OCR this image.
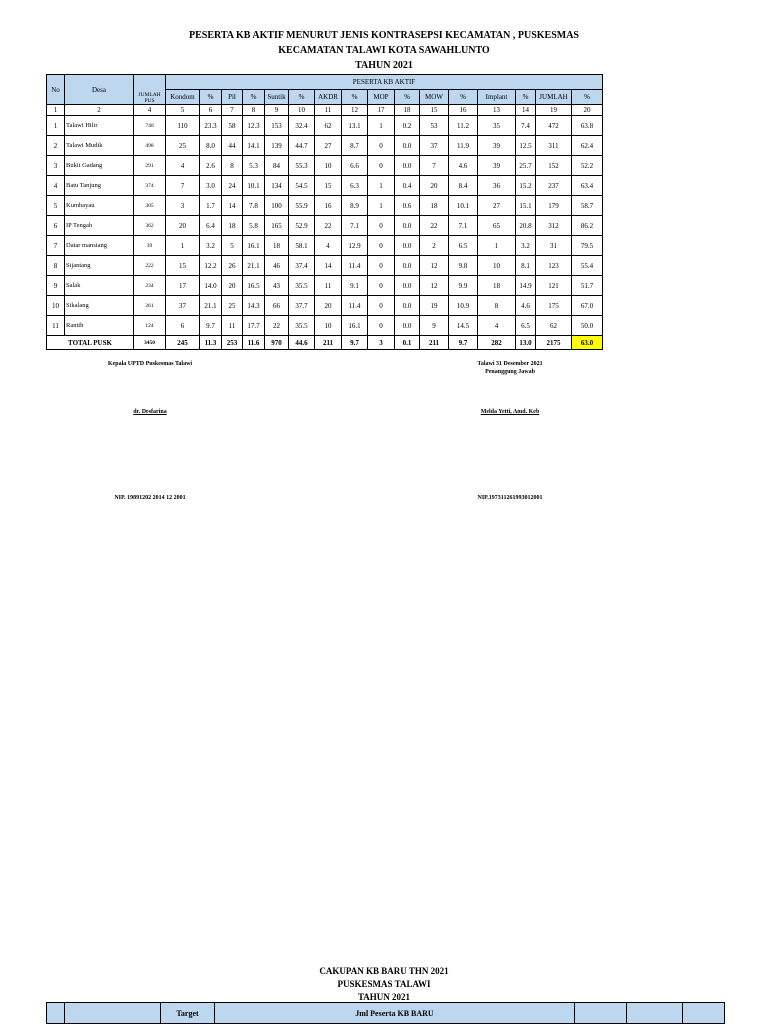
PESERTA KB AKTIF MENURUT JENIS KONTRASEPSI KECAMATAN , PUSKESMAS
KECAMATAN TALAWI KOTA SAWAHLUNTO
TAHUN 2021
No	Desa	JUMLAH PUS	PESERTA KB AKTIF															
			Kondom	%	Pil	%	Suntik	%	AKDR	%	MOP	%	MOW	%	Implant	%	JUMLAH	%
1	2	4	5	6	7	8	9	10	11	12	17	18	15	16	13	14	19	20
1	Talawi Hilir	740	110	23.3	58	12.3	153	32.4	62	13.1	1	0.2	53	11.2	35	7.4	472	63.8
2	Talawi Mudik	498	25	8.0	44	14.1	139	44.7	27	8.7	0	0.0	37	11.9	39	12.5	311	62.4
3	Bukit Gadang	291	4	2.6	8	5.3	84	55.3	10	6.6	0	0.0	7	4.6	39	25.7	152	52.2
4	Batu Tanjung	374	7	3.0	24	10.1	134	54.5	15	6.3	1	0.4	20	8.4	36	15.2	237	63.4
5	Kumbayau	305	3	1.7	14	7.8	100	55.9	16	8.9	1	0.6	18	10.1	27	15.1	179	58.7
6	IP Tengah	362	20	6.4	18	5.8	165	52.9	22	7.1	0	0.0	22	7.1	65	20.8	312	86.2
7	Datar mansiang	39	1	3.2	5	16.1	18	58.1	4	12.9	0	0.0	2	6.5	1	3.2	31	79.5
8	Sijantang	222	15	12.2	26	21.1	46	37.4	14	11.4	0	0.0	12	9.8	10	8.1	123	55.4
9	Salak	234	17	14.0	20	16.5	43	35.5	11	9.1	0	0.0	12	9.9	18	14.9	121	51.7
10	Sikalang	261	37	21.1	25	14.3	66	37.7	20	11.4	0	0.0	19	10.9	8	4.6	175	67.0
11	Rantih	124	6	9.7	11	17.7	22	35.5	10	16.1	0	0.0	9	14.5	4	6.5	62	50.0
TOTAL PUSK		3450	245	11.3	253	11.6	970	44.6	211	9.7	3	0.1	211	9.7	282	13.0	2175	63.0
Kepala UPTD Puskesmas Talawi
dr. Desfarina
NIP. 19891202 2014 12 2001
Talawi 31 Desember 2021
Penanggung Jawab
Melda Yetti, Amd. Keb
NIP.197311261993012001
CAKUPAN KB BARU THN 2021
PUSKESMAS TALAWI
TAHUN 2021
		Target	Jml Peserta KB BARU			
